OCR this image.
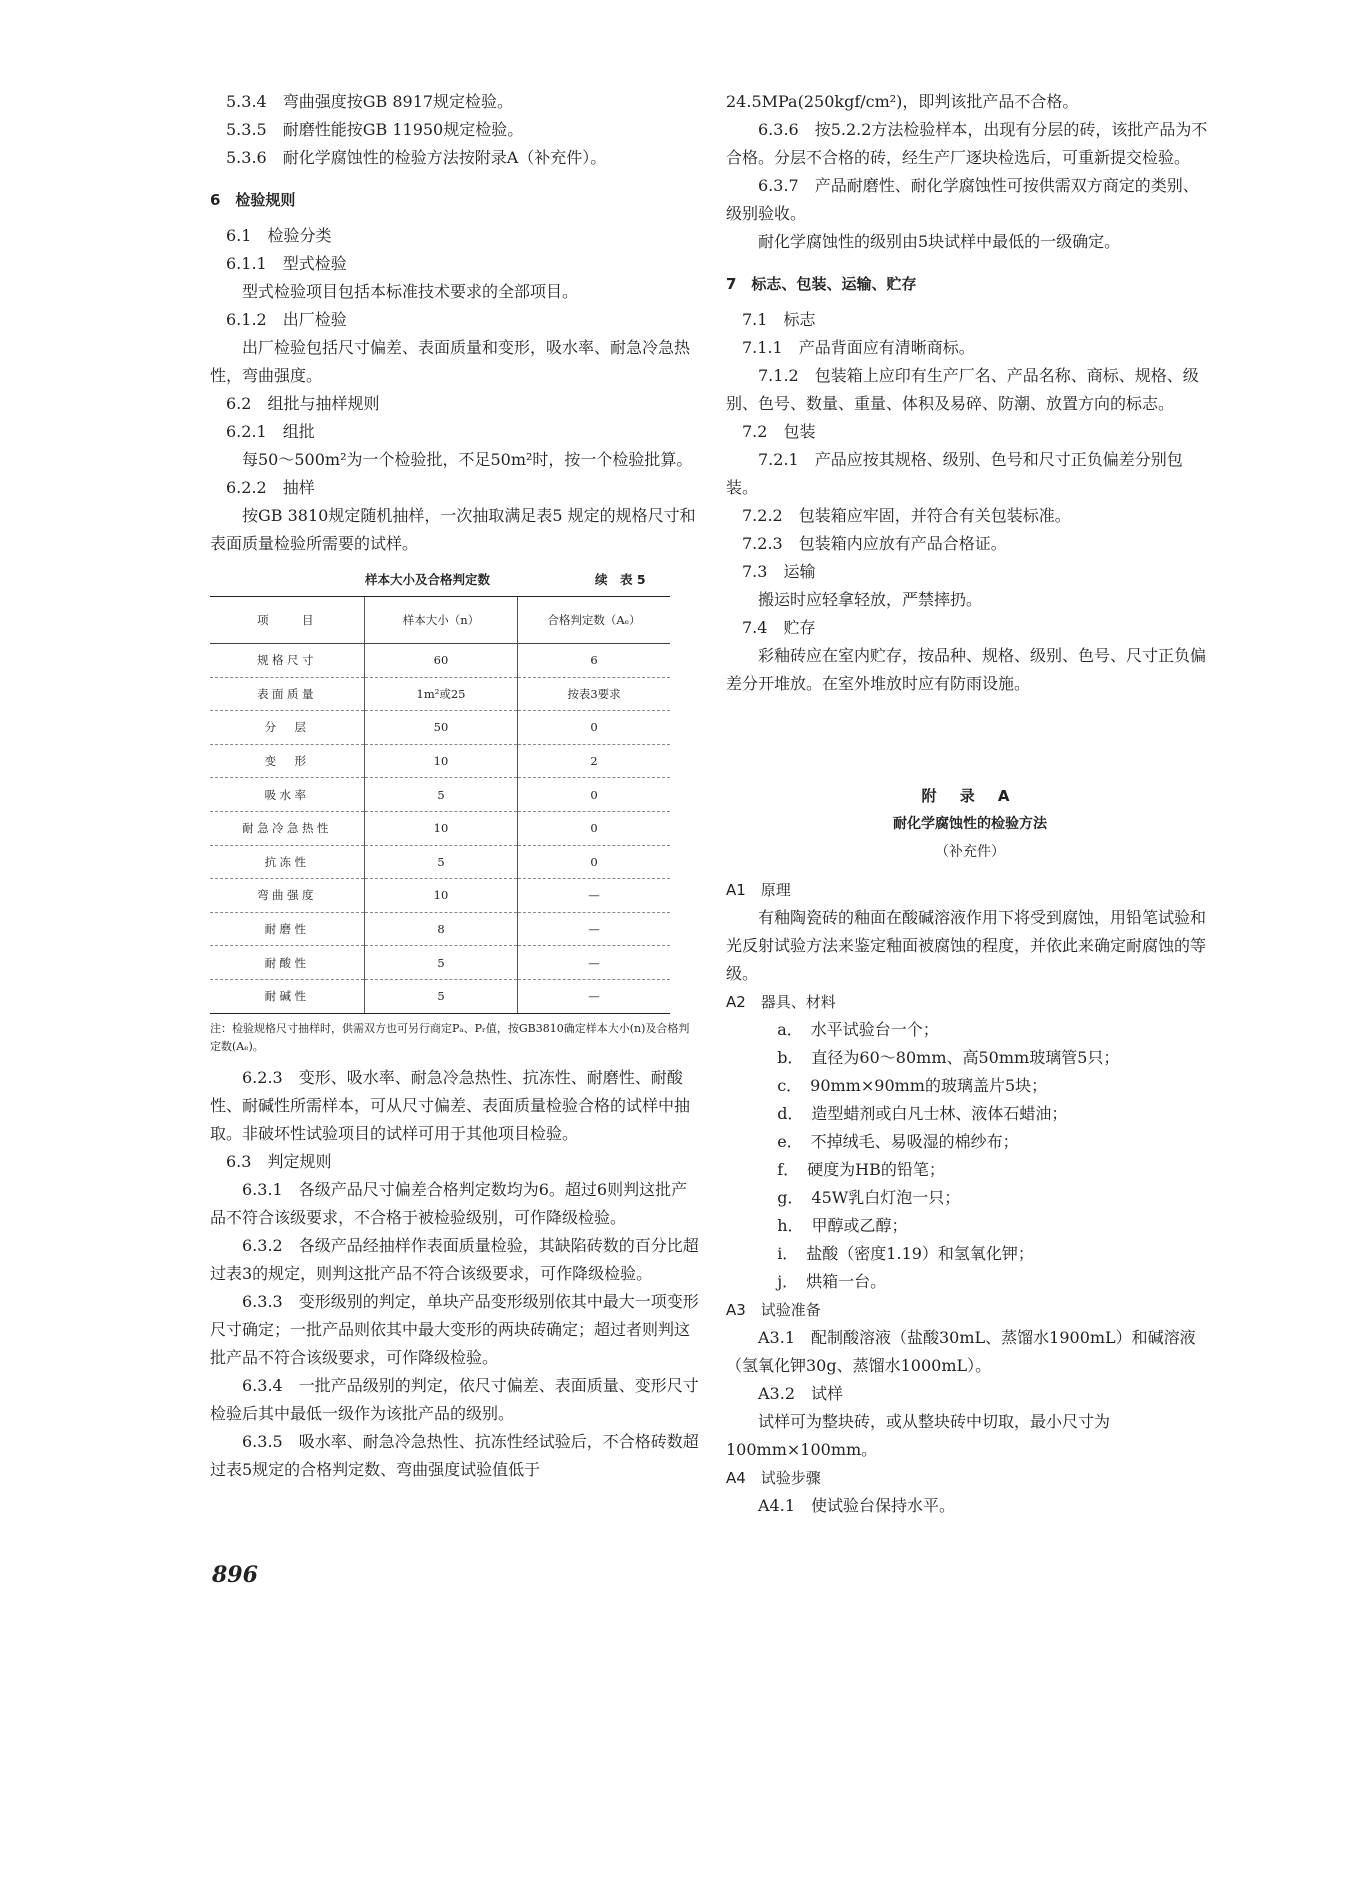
5.3.4　弯曲强度按GB 8917规定检验。

5.3.5　耐磨性能按GB 11950规定检验。

5.3.6　耐化学腐蚀性的检验方法按附录A（补充件）。

6　检验规则

6.1　检验分类

6.1.1　型式检验

型式检验项目包括本标准技术要求的全部项目。

6.1.2　出厂检验

出厂检验包括尺寸偏差、表面质量和变形，吸水率、耐急冷急热性，弯曲强度。

6.2　组批与抽样规则

6.2.1　组批

每50～500m²为一个检验批，不足50m²时，按一个检验批算。

6.2.2　抽样

按GB 3810规定随机抽样，一次抽取满足表5 规定的规格尺寸和表面质量检验所需要的试样。

样本大小及合格判定数	续　表 5
项　　目	样本大小（n）	合格判定数（Aₑ）
规格尺寸	60	6
表面质量	1m²或25	按表3要求
分　层	50	0
变　形	10	2
吸水率	5	0
耐急冷急热性	10	0
抗冻性	5	0
弯曲强度	10	—
耐磨性	8	—
耐酸性	5	—
耐碱性	5	—

注：检验规格尺寸抽样时，供需双方也可另行商定Pₐ、Pᵣ值，按GB3810确定样本大小(n)及合格判定数(Aₑ)。

6.2.3　变形、吸水率、耐急冷急热性、抗冻性、耐磨性、耐酸性、耐碱性所需样本，可从尺寸偏差、表面质量检验合格的试样中抽取。非破坏性试验项目的试样可用于其他项目检验。

6.3　判定规则

6.3.1　各级产品尺寸偏差合格判定数均为6。超过6则判这批产品不符合该级要求，不合格于被检验级别，可作降级检验。

6.3.2　各级产品经抽样作表面质量检验，其缺陷砖数的百分比超过表3的规定，则判这批产品不符合该级要求，可作降级检验。

6.3.3　变形级别的判定，单块产品变形级别依其中最大一项变形尺寸确定；一批产品则依其中最大变形的两块砖确定；超过者则判这批产品不符合该级要求，可作降级检验。

6.3.4　一批产品级别的判定，依尺寸偏差、表面质量、变形尺寸检验后其中最低一级作为该批产品的级别。

6.3.5　吸水率、耐急冷急热性、抗冻性经试验后，不合格砖数超过表5规定的合格判定数、弯曲强度试验值低于

24.5MPa(250kgf/cm²)，即判该批产品不合格。

6.3.6　按5.2.2方法检验样本，出现有分层的砖，该批产品为不合格。分层不合格的砖，经生产厂逐块检选后，可重新提交检验。

6.3.7　产品耐磨性、耐化学腐蚀性可按供需双方商定的类别、级别验收。

耐化学腐蚀性的级别由5块试样中最低的一级确定。

7　标志、包装、运输、贮存

7.1　标志

7.1.1　产品背面应有清晰商标。

7.1.2　包装箱上应印有生产厂名、产品名称、商标、规格、级别、色号、数量、重量、体积及易碎、防潮、放置方向的标志。

7.2　包装

7.2.1　产品应按其规格、级别、色号和尺寸正负偏差分别包装。

7.2.2　包装箱应牢固，并符合有关包装标准。

7.2.3　包装箱内应放有产品合格证。

7.3　运输

搬运时应轻拿轻放，严禁摔扔。

7.4　贮存

彩釉砖应在室内贮存，按品种、规格、级别、色号、尺寸正负偏差分开堆放。在室外堆放时应有防雨设施。

附 录 A

耐化学腐蚀性的检验方法

（补充件）

A1　原理

有釉陶瓷砖的釉面在酸碱溶液作用下将受到腐蚀，用铅笔试验和光反射试验方法来鉴定釉面被腐蚀的程度，并依此来确定耐腐蚀的等级。

A2　器具、材料

a．　水平试验台一个；

b．　直径为60～80mm、高50mm玻璃管5只；

c．　90mm×90mm的玻璃盖片5块；

d．　造型蜡剂或白凡士林、液体石蜡油；

e．　不掉绒毛、易吸湿的棉纱布；

f．　硬度为HB的铅笔；

g．　45W乳白灯泡一只；

h．　甲醇或乙醇；

i．　盐酸（密度1.19）和氢氧化钾；

j．　烘箱一台。

A3　试验准备

A3.1　配制酸溶液（盐酸30mL、蒸馏水1900mL）和碱溶液（氢氧化钾30g、蒸馏水1000mL）。

A3.2　试样

试样可为整块砖，或从整块砖中切取，最小尺寸为100mm×100mm。

A4　试验步骤

A4.1　使试验台保持水平。

896
